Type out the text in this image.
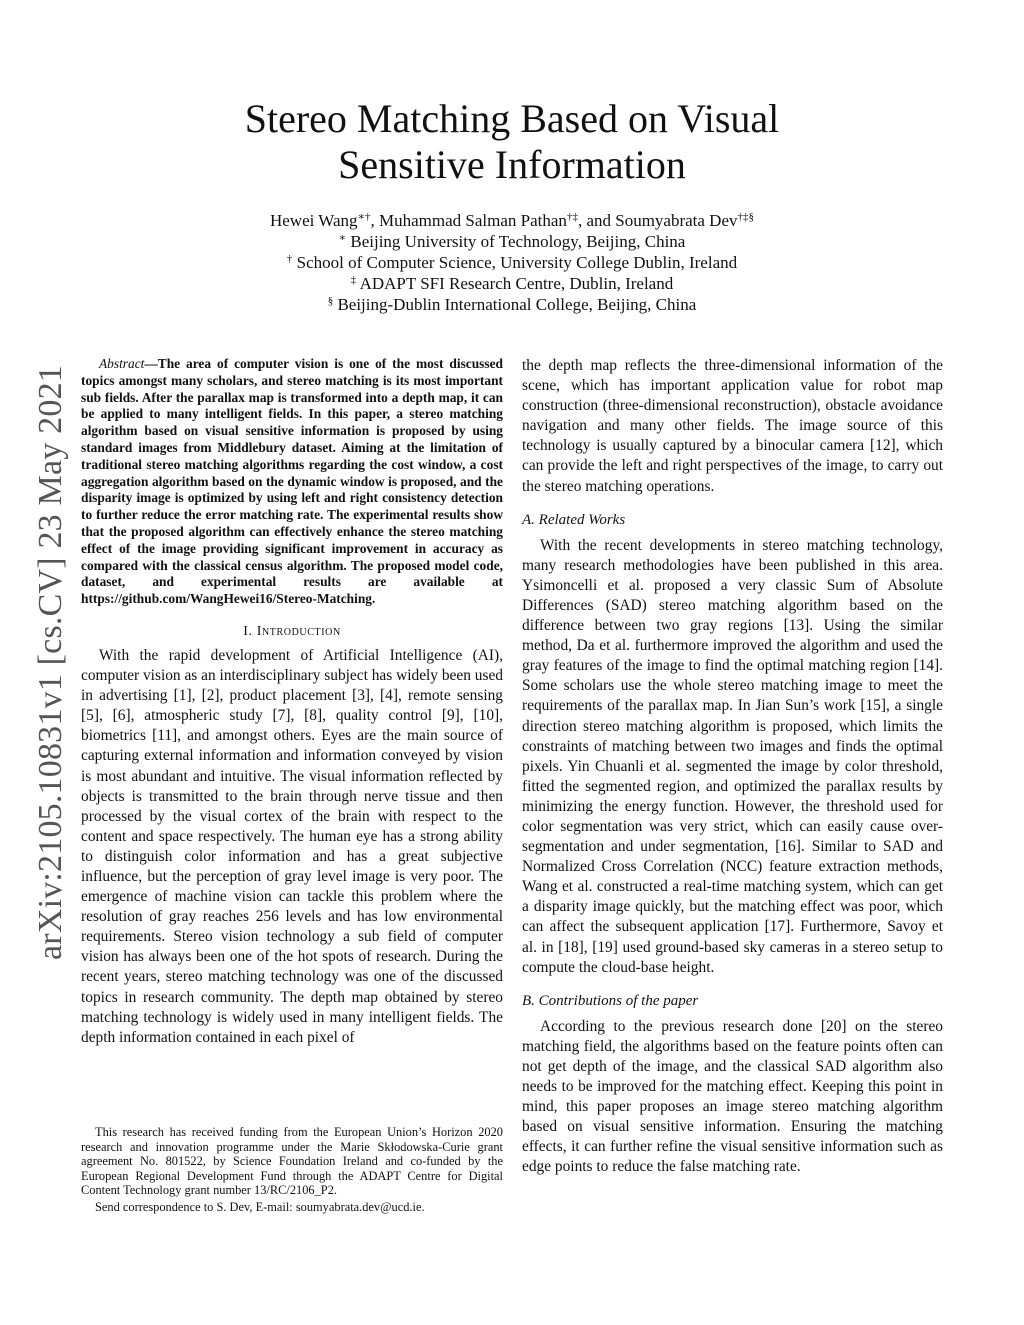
Stereo Matching Based on Visual
Sensitive Information
Hewei Wang∗†, Muhammad Salman Pathan†‡, and Soumyabrata Dev†‡§
∗ Beijing University of Technology, Beijing, China
† School of Computer Science, University College Dublin, Ireland
‡ ADAPT SFI Research Centre, Dublin, Ireland
§ Beijing-Dublin International College, Beijing, China
arXiv:2105.10831v1 [cs.CV] 23 May 2021

Abstract—The area of computer vision is one of the most discussed topics amongst many scholars, and stereo matching is its most important sub fields. After the parallax map is transformed into a depth map, it can be applied to many intelligent fields. In this paper, a stereo matching algorithm based on visual sensitive information is proposed by using standard images from Middlebury dataset. Aiming at the limitation of traditional stereo matching algorithms regarding the cost window, a cost aggregation algorithm based on the dynamic window is proposed, and the disparity image is optimized by using left and right consistency detection to further reduce the error matching rate. The experimental results show that the proposed algorithm can effectively enhance the stereo matching effect of the image providing significant improvement in accuracy as compared with the classical census algorithm. The proposed model code, dataset, and experimental results are available at https://github.com/WangHewei16/Stereo-Matching.

I. Introduction

With the rapid development of Artificial Intelligence (AI), computer vision as an interdisciplinary subject has widely been used in advertising [1], [2], product placement [3], [4], remote sensing [5], [6], atmospheric study [7], [8], quality control [9], [10], biometrics [11], and amongst others. Eyes are the main source of capturing external information and information conveyed by vision is most abundant and intuitive. The visual information reflected by objects is transmitted to the brain through nerve tissue and then processed by the visual cortex of the brain with respect to the content and space respectively. The human eye has a strong ability to distinguish color information and has a great subjective influence, but the perception of gray level image is very poor. The emergence of machine vision can tackle this problem where the resolution of gray reaches 256 levels and has low environmental requirements. Stereo vision technology a sub field of computer vision has always been one of the hot spots of research. During the recent years, stereo matching technology was one of the discussed topics in research community. The depth map obtained by stereo matching technology is widely used in many intelligent fields. The depth information contained in each pixel of

This research has received funding from the European Union’s Horizon 2020 research and innovation programme under the Marie Skłodowska-Curie grant agreement No. 801522, by Science Foundation Ireland and co-funded by the European Regional Development Fund through the ADAPT Centre for Digital Content Technology grant number 13/RC/2106_P2.

Send correspondence to S. Dev, E-mail: soumyabrata.dev@ucd.ie.

the depth map reflects the three-dimensional information of the scene, which has important application value for robot map construction (three-dimensional reconstruction), obstacle avoidance navigation and many other fields. The image source of this technology is usually captured by a binocular camera [12], which can provide the left and right perspectives of the image, to carry out the stereo matching operations.

A. Related Works

With the recent developments in stereo matching technology, many research methodologies have been published in this area. Ysimoncelli et al. proposed a very classic Sum of Absolute Differences (SAD) stereo matching algorithm based on the difference between two gray regions [13]. Using the similar method, Da et al. furthermore improved the algorithm and used the gray features of the image to find the optimal matching region [14]. Some scholars use the whole stereo matching image to meet the requirements of the parallax map. In Jian Sun’s work [15], a single direction stereo matching algorithm is proposed, which limits the constraints of matching between two images and finds the optimal pixels. Yin Chuanli et al. segmented the image by color threshold, fitted the segmented region, and optimized the parallax results by minimizing the energy function. However, the threshold used for color segmentation was very strict, which can easily cause over-segmentation and under segmentation, [16]. Similar to SAD and Normalized Cross Correlation (NCC) feature extraction methods, Wang et al. constructed a real-time matching system, which can get a disparity image quickly, but the matching effect was poor, which can affect the subsequent application [17]. Furthermore, Savoy et al. in [18], [19] used ground-based sky cameras in a stereo setup to compute the cloud-base height.

B. Contributions of the paper

According to the previous research done [20] on the stereo matching field, the algorithms based on the feature points often can not get depth of the image, and the classical SAD algorithm also needs to be improved for the matching effect. Keeping this point in mind, this paper proposes an image stereo matching algorithm based on visual sensitive information. Ensuring the matching effects, it can further refine the visual sensitive information such as edge points to reduce the false matching rate.
